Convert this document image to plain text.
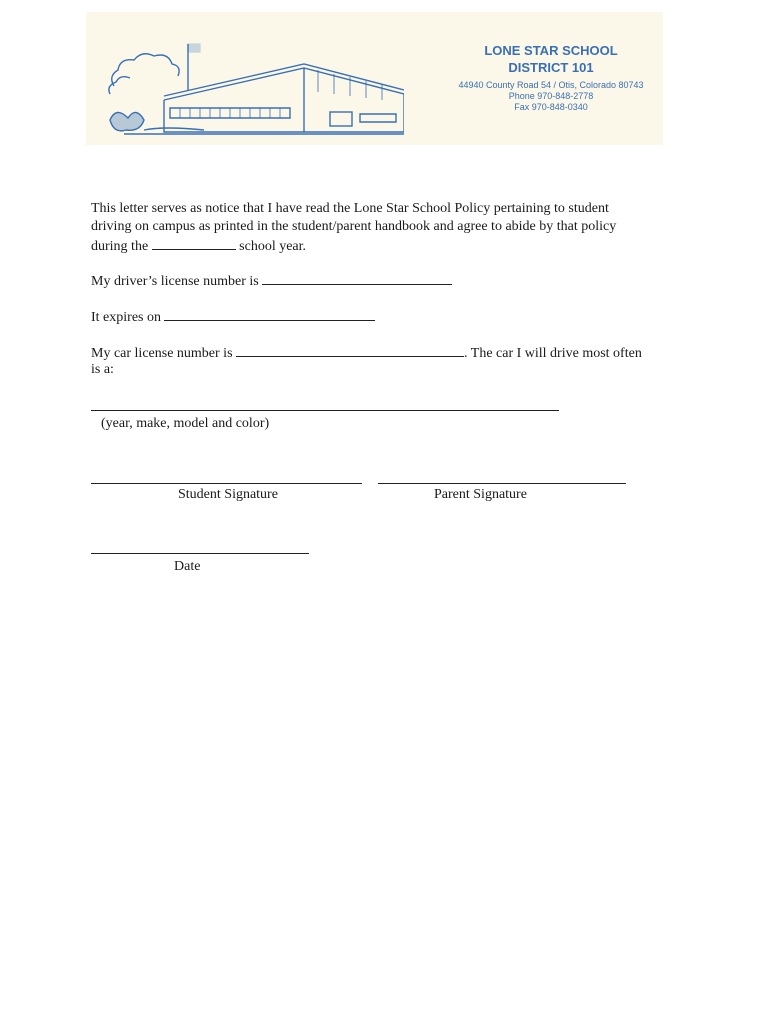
LONE STAR SCHOOL

DISTRICT 101

44940 County Road 54 / Otis, Colorado 80743

Phone 970-848-2778

Fax 970-848-0340

This letter serves as notice that I have read the Lone Star School Policy pertaining to student

driving on campus as printed in the student/parent handbook and agree to abide by that policy

during the	school year.

My driver’s license number is

It expires on

My car license number is	. The car I will drive most often

is a:

(year, make, model and color)
Student Signature	Parent Signature
Date
